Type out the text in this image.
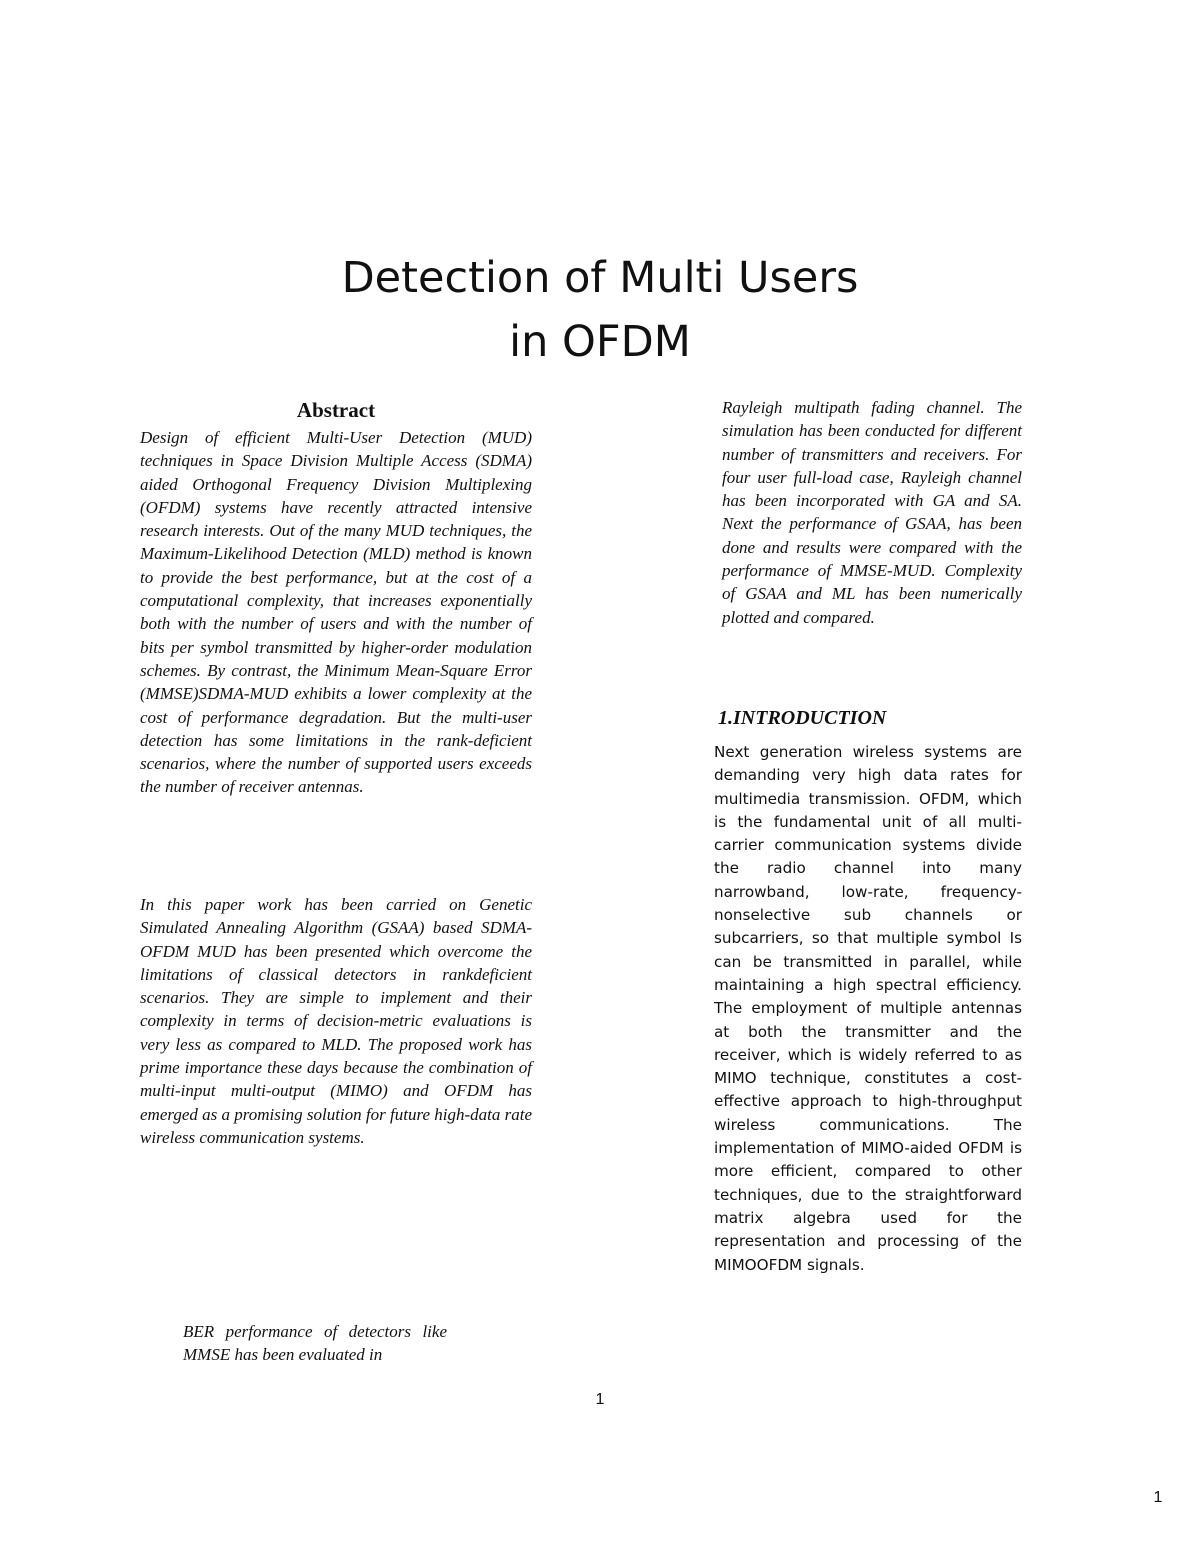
Detection of Multi Users
in OFDM
Abstract

Design of efficient Multi-User Detection (MUD) techniques in Space Division Multiple Access (SDMA) aided Orthogonal Frequency Division Multiplexing (OFDM) systems have recently attracted intensive research interests. Out of the many MUD techniques, the Maximum-Likelihood Detection (MLD) method is known to provide the best performance, but at the cost of a computational complexity, that increases exponentially both with the number of users and with the number of bits per symbol transmitted by higher-order modulation schemes. By contrast, the Minimum Mean-Square Error (MMSE)SDMA-MUD exhibits a lower complexity at the cost of performance degradation. But the multi-user detection has some limitations in the rank-deficient scenarios, where the number of supported users exceeds the number of receiver antennas.

In this paper work has been carried on Genetic Simulated Annealing Algorithm (GSAA) based SDMA-OFDM MUD has been presented which overcome the limitations of classical detectors in rankdeficient scenarios. They are simple to implement and their complexity in terms of decision-metric evaluations is very less as compared to MLD. The proposed work has prime importance these days because the combination of multi-input multi-output (MIMO) and OFDM has emerged as a promising solution for future high-data rate wireless communication systems.

BER performance of detectors like MMSE has been evaluated in

Rayleigh multipath fading channel. The simulation has been conducted for different number of transmitters and receivers. For four user full-load case, Rayleigh channel has been incorporated with GA and SA. Next the performance of GSAA, has been done and results were compared with the performance of MMSE-MUD. Complexity of GSAA and ML has been numerically plotted and compared.

1.INTRODUCTION

Next generation wireless systems are demanding very high data rates for multimedia transmission. OFDM, which is the fundamental unit of all multi-carrier communication systems divide the radio channel into many narrowband, low-rate, frequency-nonselective sub channels or subcarriers, so that multiple symbol Is can be transmitted in parallel, while maintaining a high spectral efficiency. The employment of multiple antennas at both the transmitter and the receiver, which is widely referred to as MIMO technique, constitutes a cost-effective approach to high-throughput wireless communications. The implementation of MIMO-aided OFDM is more efficient, compared to other techniques, due to the straightforward matrix algebra used for the representation and processing of the MIMOOFDM signals.

1
1
